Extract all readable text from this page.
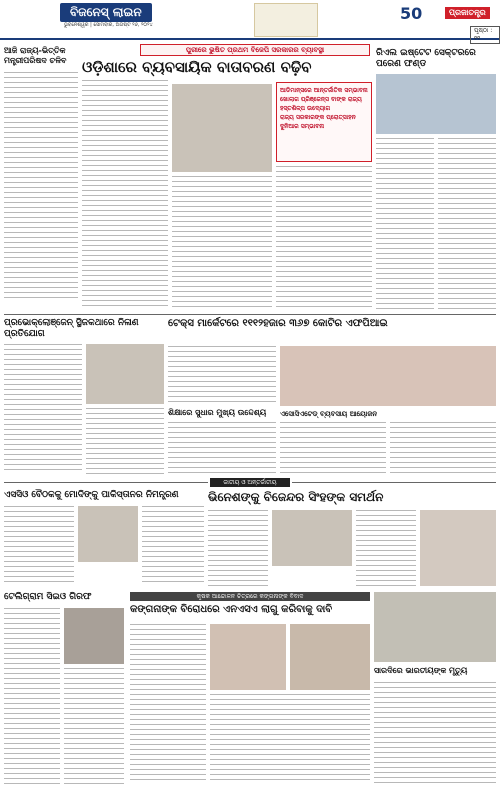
ବିଜନେସ୍ ଲାଇନ
ଭୁବନେଶ୍ୱର | ସୋମବାର, ଅଗଷ୍ଟ ୨୬, ୨୦୨୪
50	ପ୍ରଜାତନ୍ତ୍ର
ପୃଷ୍ଠା : ୧୧
ପୁରୀରେ ଭୁଷିତ ପ୍ରଥମ ବିଜେପି ସରକାରର ବ୍ୟାବସ୍ଥା
ଆଜି ରାଜ୍ୟ-ଭିତ୍ତିକ ମନ୍ତ୍ରୀପରିଷଦ ଚଳିବ	ଓଡ଼ିଶାରେ ବ୍ୟବସାୟିକ ବାତାବରଣ ବଢ଼ିବ
ଆଡିମାନ୍ସରେ ଆନ୍ତର୍ଜାତିକ ସମ୍ଭାବନା
ଖୋଲାଗ ପ୍ରିଞ୍ଜେନ୍ସ ବାଙ୍କ ରାଜ୍ୟ
ହସ୍ତଶିଳ୍ପ ଉଦ୍ୟୋଗ
ରାଜ୍ୟ ସରକାରଙ୍କ ପ୍ରୋତ୍ସାହନ
ଦୁନିଆର ସମ୍ଭାବନା
ରିଏଲ ଇଷ୍ଟେଟ ସେକ୍ଟରରେ ପରେଣ ଫଣ୍ଡ
ପ୍ରଭୋକ୍ଲୋଞ୍ଜେନ୍ ସ୍ଥିଜକଥାରେ ନିଳାଣ ପ୍ରତିଯୋଗ
ଟେକ୍ସ ମାର୍କେଟରେ ୧୧୧୨ହଜାର ୩୬୭ କୋଟିର ଏଫପିଆଇ
ଶିକ୍ଷାରେ ସୁଧାର ମୁଖ୍ୟ ଉଦ୍ଦେଶ୍ୟ	ଏସୋସିଏଟେଡ୍ ବ୍ୟବସାୟ ଆୟୋଜନ
ଜାତୀୟ ଓ ଅନ୍ତର୍ଜାତୀୟ
ଏସସିଓ ବୈଠକକୁ ମୋଦିଙ୍କୁ ପାକିସ୍ତାନର ନିମନ୍ତ୍ରଣ	ଭିନେଶଙ୍କୁ ବିଜେନ୍ଦର ସିଂହଙ୍କ ସମର୍ଥନ
ଟେଲିଗ୍ରାମ ସିଇଓ ଗିରଫ	କୃଷକ ଆନ୍ଦୋଳନ ଚିତ୍ରରେ କଙ୍ଗନାଙ୍କ ବିବାଦ
କଙ୍ଗନାଙ୍କ ବିରୋଧରେ ଏନଏସଏ ଲାଗୁ କରିବାକୁ ଦାବି
ସାରଦିରେ ଭାରତୀୟଙ୍କ ମୃତ୍ୟୁ
